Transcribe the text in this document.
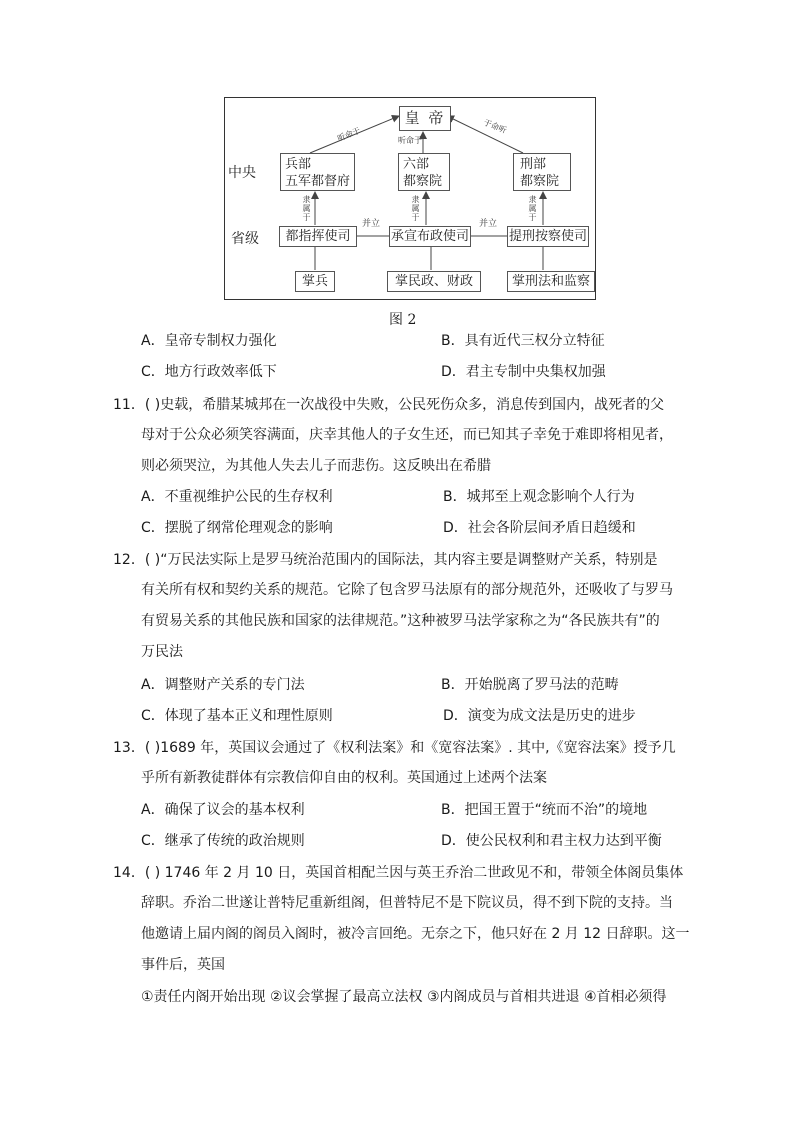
皇 帝
中央
省级
兵部
五军都督府
六部
都察院
刑部
都察院
都指挥使司	承宣布政使司	提刑按察使司
掌兵	掌民政、财政	掌刑法和监察
听命于	听命于
于命听
隶属于
隶属于
隶属于
并立	并立
图 2
A．皇帝专制权力强化	B．具有近代三权分立特征
C．地方行政效率低下	D．君主专制中央集权加强
11．( )史载，希腊某城邦在一次战役中失败，公民死伤众多，消息传到国内，战死者的父
母对于公众必须笑容满面，庆幸其他人的子女生还，而已知其子幸免于难即将相见者，
则必须哭泣，为其他人失去儿子而悲伤。这反映出在希腊
A．不重视维护公民的生存权利	B．城邦至上观念影响个人行为
C．摆脱了纲常伦理观念的影响	D．社会各阶层间矛盾日趋缓和
12．( )“万民法实际上是罗马统治范围内的国际法，其内容主要是调整财产关系，特别是
有关所有权和契约关系的规范。它除了包含罗马法原有的部分规范外，还吸收了与罗马
有贸易关系的其他民族和国家的法律规范。”这种被罗马法学家称之为“各民族共有”的
万民法
A．调整财产关系的专门法	B．开始脱离了罗马法的范畴
C．体现了基本正义和理性原则	D．演变为成文法是历史的进步
13．( )1689 年，英国议会通过了《权利法案》和《宽容法案》. 其中,《宽容法案》授予几
乎所有新教徒群体有宗教信仰自由的权利。英国通过上述两个法案
A．确保了议会的基本权利	B．把国王置于“统而不治”的境地
C．继承了传统的政治规则	D．使公民权利和君主权力达到平衡
14．( ) 1746 年 2 月 10 日，英国首相配兰因与英王乔治二世政见不和，带领全体阁员集体
辞职。乔治二世遂让普特尼重新组阁，但普特尼不是下院议员，得不到下院的支持。当
他邀请上届内阁的阁员入阁时，被冷言回绝。无奈之下，他只好在 2 月 12 日辞职。这一
事件后，英国
①责任内阁开始出现 ②议会掌握了最高立法权 ③内阁成员与首相共进退 ④首相必须得
